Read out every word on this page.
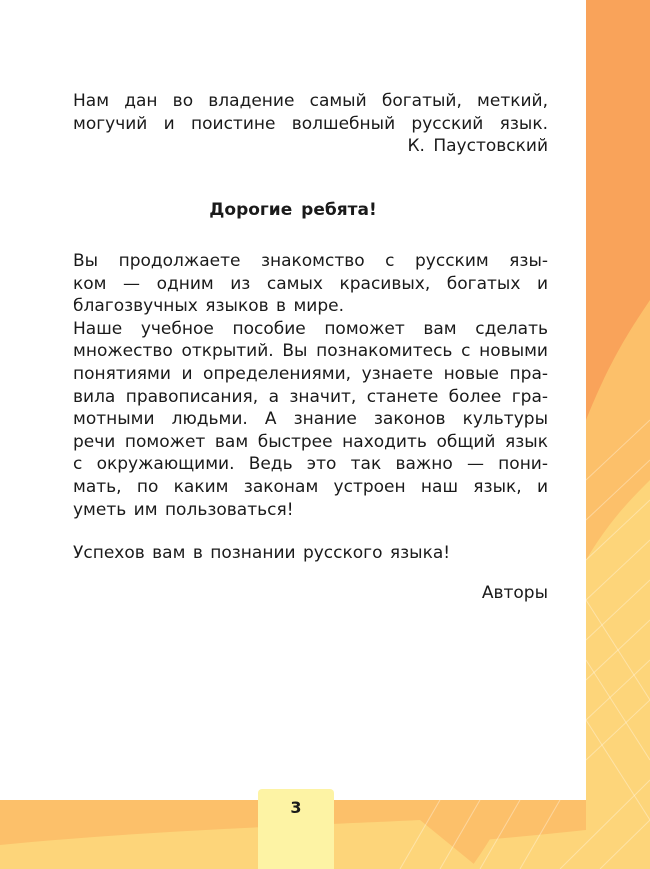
Нам дан во владение самый богатый, меткий,
могучий и поистине волшебный русский язык.
К. Паустовский
Дорогие ребята!
Вы продолжаете знакомство с русским язы-
ком — одним из самых красивых, богатых и
благозвучных языков в мире.
Наше учебное пособие поможет вам сделать
множество открытий. Вы познакомитесь с новыми
понятиями и определениями, узнаете новые пра-
вила правописания, а значит, станете более гра-
мотными людьми. А знание законов культуры
речи поможет вам быстрее находить общий язык
с окружающими. Ведь это так важно — пони-
мать, по каким законам устроен наш язык, и
уметь им пользоваться!
Успехов вам в познании русского языка!
Авторы
3
